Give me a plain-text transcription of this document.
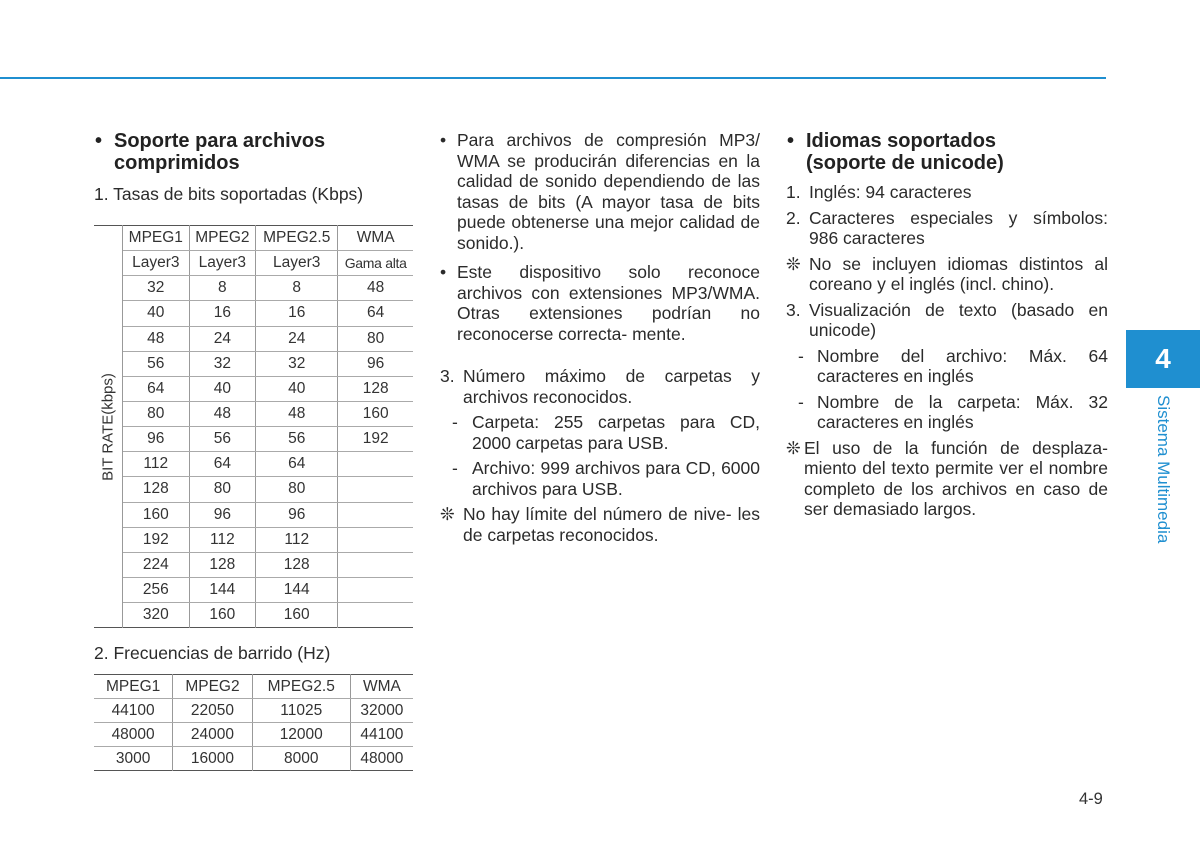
• Soporte para archivos comprimidos
1. Tasas de bits soportadas (Kbps)
BIT RATE(kbps)	MPEG1	MPEG2	MPEG2.5	WMA
	Layer3	Layer3	Layer3	Gama alta
	32	8	8	48
	40	16	16	64
	48	24	24	80
	56	32	32	96
	64	40	40	128
	80	48	48	160
	96	56	56	192
	112	64	64	
	128	80	80	
	160	96	96	
	192	112	112	
	224	128	128	
	256	144	144	
	320	160	160	
2. Frecuencias de barrido (Hz)
MPEG1	MPEG2	MPEG2.5	WMA
44100	22050	11025	32000
48000	24000	12000	44100
3000	16000	8000	48000
• Para archivos de compresión MP3/ WMA se producirán diferencias en la calidad de sonido dependiendo de las tasas de bits (A mayor tasa de bits puede obtenerse una mejor calidad de sonido.).
• Este dispositivo solo reconoce archivos con extensiones MP3/WMA. Otras extensiones podrían no reconocerse correcta- mente.
3. Número máximo de carpetas y archivos reconocidos.
- Carpeta: 255 carpetas para CD, 2000 carpetas para USB.
- Archivo: 999 archivos para CD, 6000 archivos para USB.
❊ No hay límite del número de nive- les de carpetas reconocidos.
• Idiomas soportados
(soporte de unicode)
1. Inglés: 94 caracteres
2. Caracteres especiales y símbolos: 986 caracteres
❊ No se incluyen idiomas distintos al coreano y el inglés (incl. chino).
3. Visualización de texto (basado en unicode)
- Nombre del archivo: Máx. 64 caracteres en inglés
- Nombre de la carpeta: Máx. 32 caracteres en inglés
❊ El uso de la función de desplaza- miento del texto permite ver el nombre completo de los archivos en caso de ser demasiado largos.
4
Sistema Multimedia
4-9
